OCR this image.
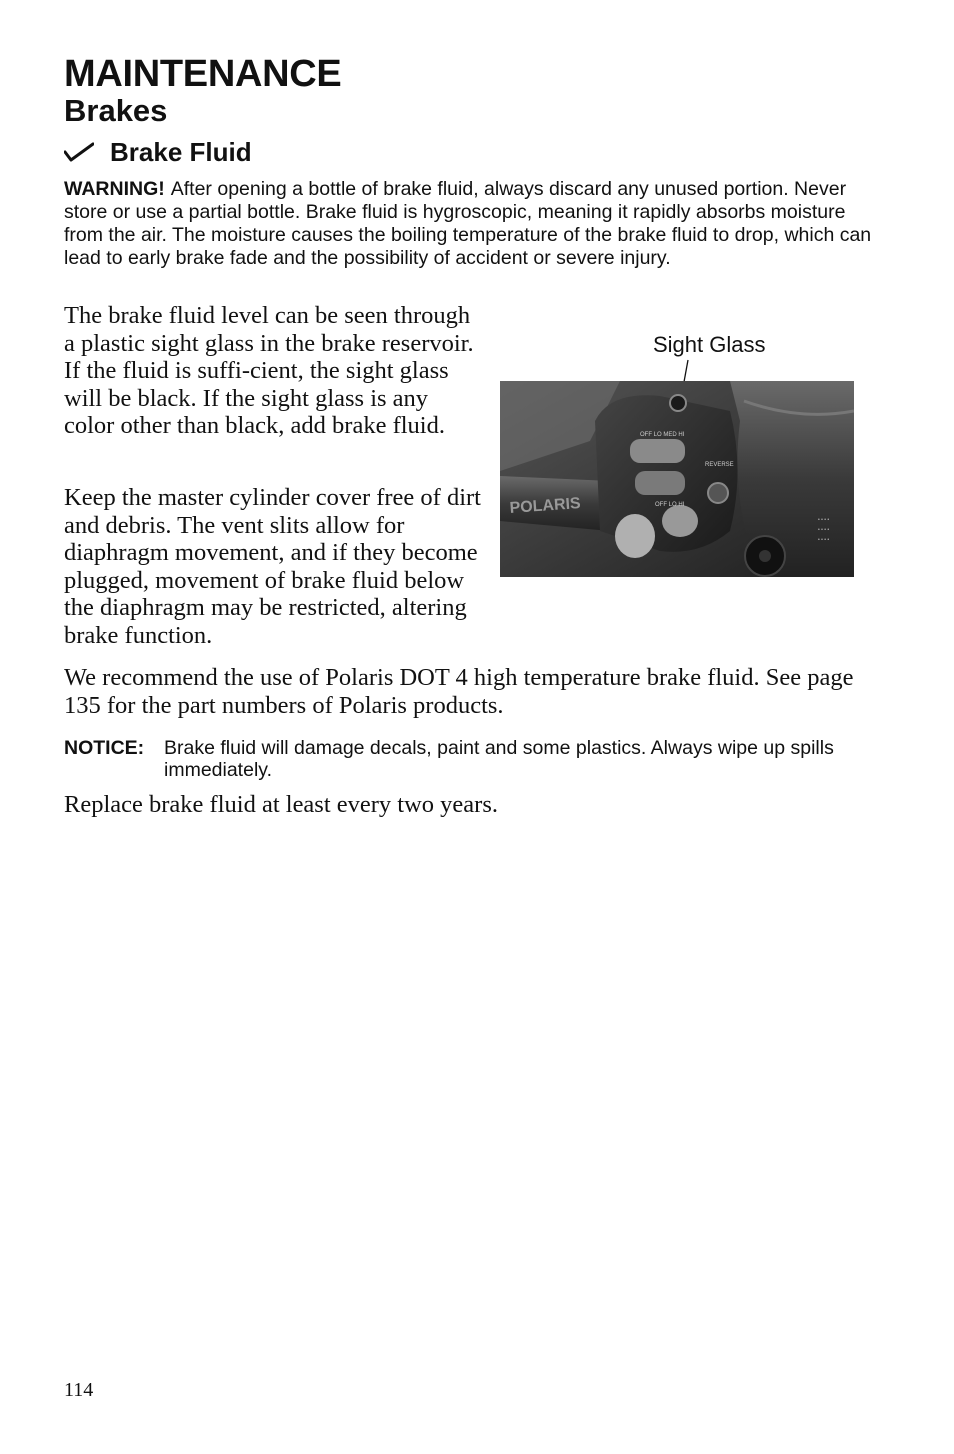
MAINTENANCE
Brakes
Brake Fluid
WARNING! After opening a bottle of brake fluid, always discard any unused portion. Never store or use a partial bottle. Brake fluid is hygroscopic, meaning it rapidly absorbs moisture from the air. The moisture causes the boiling temperature of the brake fluid to drop, which can lead to early brake fade and the possibility of accident or severe injury.
The brake fluid level can be seen through a plastic sight glass in the brake reservoir. If the fluid is suffi-cient, the sight glass will be black. If the sight glass is any color other than black, add brake fluid.
Keep the master cylinder cover free of dirt and debris. The vent slits allow for diaphragm movement, and if they become plugged, movement of brake fluid below the diaphragm may be restricted, altering brake function.
Sight Glass
POLARIS
OFF LO MED HI
REVERSE
OFF LO HI
• • • •
• • • •
• • • •
We recommend the use of Polaris DOT 4 high temperature brake fluid. See page 135 for the part numbers of Polaris products.
NOTICE:	Brake fluid will damage decals, paint and some plastics. Always wipe up spills immediately.
Replace brake fluid at least every two years.
114
